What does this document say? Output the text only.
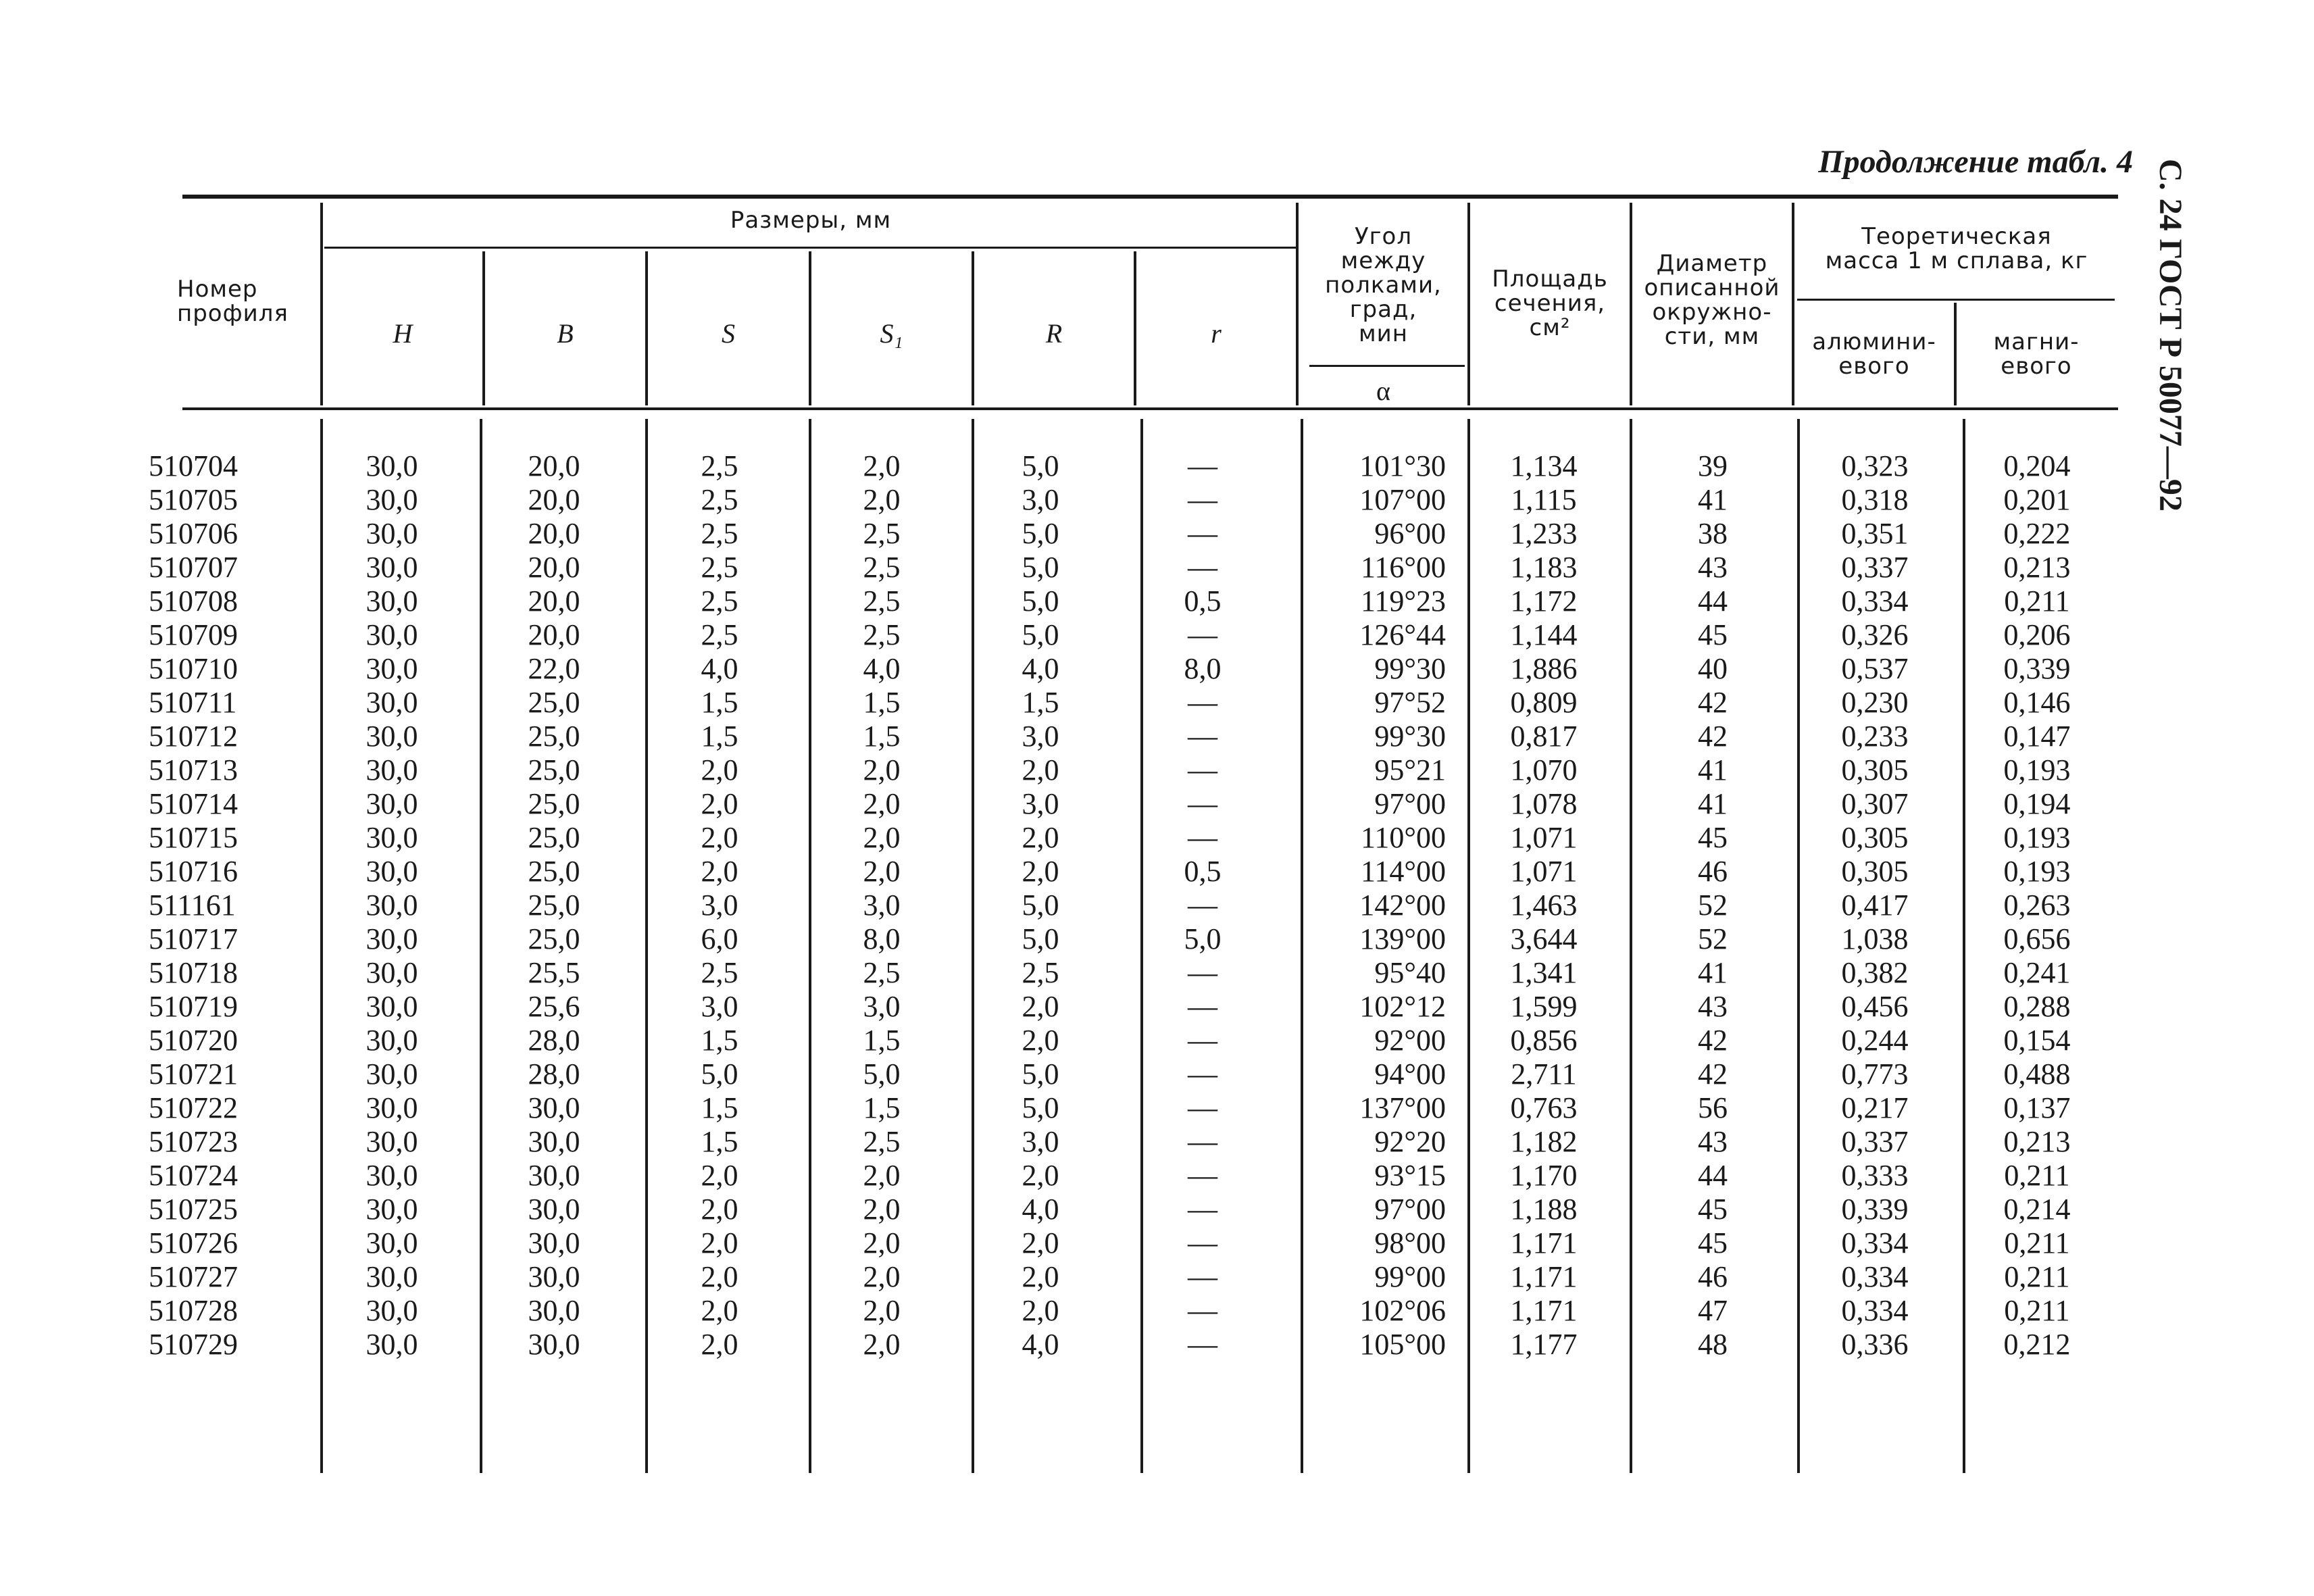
Продолжение табл. 4 С. 24 ГОСТ Р 50077—92
Номер
профиля
Размеры, мм
H	B	S	S₁	R	r
Угол
между
полками,
град,
мин
α
Площадь
сечения,
см²
Диаметр
описанной
окружно-
сти, мм
Теоретическая
масса 1 м сплава, кг
алюмини-
евого
магни-
евого
510704	30,0	20,0	2,5	2,0	5,0	—	101°30	1,134	39	0,323	0,204
510705	30,0	20,0	2,5	2,0	3,0	—	107°00	1,115	41	0,318	0,201
510706	30,0	20,0	2,5	2,5	5,0	—	96°00	1,233	38	0,351	0,222
510707	30,0	20,0	2,5	2,5	5,0	—	116°00	1,183	43	0,337	0,213
510708	30,0	20,0	2,5	2,5	5,0	0,5	119°23	1,172	44	0,334	0,211
510709	30,0	20,0	2,5	2,5	5,0	—	126°44	1,144	45	0,326	0,206
510710	30,0	22,0	4,0	4,0	4,0	8,0	99°30	1,886	40	0,537	0,339
510711	30,0	25,0	1,5	1,5	1,5	—	97°52	0,809	42	0,230	0,146
510712	30,0	25,0	1,5	1,5	3,0	—	99°30	0,817	42	0,233	0,147
510713	30,0	25,0	2,0	2,0	2,0	—	95°21	1,070	41	0,305	0,193
510714	30,0	25,0	2,0	2,0	3,0	—	97°00	1,078	41	0,307	0,194
510715	30,0	25,0	2,0	2,0	2,0	—	110°00	1,071	45	0,305	0,193
510716	30,0	25,0	2,0	2,0	2,0	0,5	114°00	1,071	46	0,305	0,193
511161	30,0	25,0	3,0	3,0	5,0	—	142°00	1,463	52	0,417	0,263
510717	30,0	25,0	6,0	8,0	5,0	5,0	139°00	3,644	52	1,038	0,656
510718	30,0	25,5	2,5	2,5	2,5	—	95°40	1,341	41	0,382	0,241
510719	30,0	25,6	3,0	3,0	2,0	—	102°12	1,599	43	0,456	0,288
510720	30,0	28,0	1,5	1,5	2,0	—	92°00	0,856	42	0,244	0,154
510721	30,0	28,0	5,0	5,0	5,0	—	94°00	2,711	42	0,773	0,488
510722	30,0	30,0	1,5	1,5	5,0	—	137°00	0,763	56	0,217	0,137
510723	30,0	30,0	1,5	2,5	3,0	—	92°20	1,182	43	0,337	0,213
510724	30,0	30,0	2,0	2,0	2,0	—	93°15	1,170	44	0,333	0,211
510725	30,0	30,0	2,0	2,0	4,0	—	97°00	1,188	45	0,339	0,214
510726	30,0	30,0	2,0	2,0	2,0	—	98°00	1,171	45	0,334	0,211
510727	30,0	30,0	2,0	2,0	2,0	—	99°00	1,171	46	0,334	0,211
510728	30,0	30,0	2,0	2,0	2,0	—	102°06	1,171	47	0,334	0,211
510729	30,0	30,0	2,0	2,0	4,0	—	105°00	1,177	48	0,336	0,212
